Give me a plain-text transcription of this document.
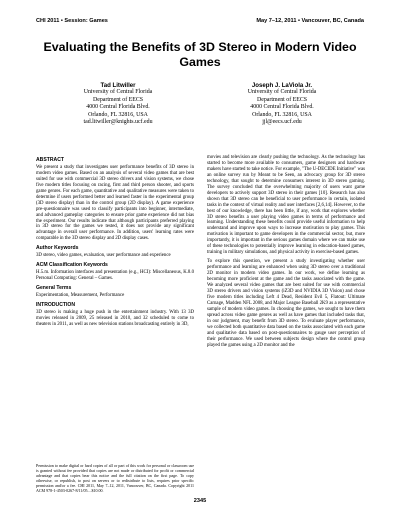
CHI 2011 • Session: Games	May 7–12, 2011 • Vancouver, BC, Canada
Evaluating the Benefits of 3D Stereo in Modern Video Games
Tad Litwiller
University of Central Florida
Department of EECS
4000 Central Florida Blvd.
Orlando, FL 32816, USA
tad.litwiller@knights.ucf.edu
Joseph J. LaViola Jr.
University of Central Florida
Department of EECS
4000 Central Florida Blvd.
Orlando, FL 32816, USA
jjl@eecs.ucf.edu
ABSTRACT

We present a study that investigates user performance benefits of 3D stereo in modern video games. Based on an analysis of several video games that are best suited for use with commercial 3D stereo drivers and vision systems, we chose five modern titles focusing on racing, first and third person shooter, and sports game genres. For each game, quantitative and qualitative measures were taken to determine if users performed better and learned faster in the experimental group (3D stereo display) than in the control group (2D display). A game experience pre-questionnaire was used to classify participants into beginner, intermediate, and advanced gameplay categories to ensure prior game experience did not bias the experiment. Our results indicate that although participants preferred playing in 3D stereo for the games we tested, it does not provide any significant advantage in overall user performance. In addition, users' learning rates were comparable in the 3D stereo display and 2D display cases.

Author Keywords

3D stereo, video games, evaluation, user performance and experience

ACM Classification Keywords

H.5.m. Information interfaces and presentation (e.g., HCI): Miscellaneous, K.8.0 Personal Computing: General – Games.

General Terms

Experimentation, Measurement, Performance

INTRODUCTION

3D stereo is making a huge push in the entertainment industry. With 13 3D movies released in 2009, 25 released in 2010, and 32 scheduled to come to theaters in 2011, as well as new television stations broadcasting entirely in 3D,

Permission to make digital or hard copies of all or part of this work for personal or classroom use is granted without fee provided that copies are not made or distributed for profit or commercial advantage and that copies bear this notice and the full citation on the first page. To copy otherwise, or republish, to post on servers or to redistribute to lists, requires prior specific permission and/or a fee. CHI 2011, May 7–12, 2011, Vancouver, BC, Canada. Copyright 2011 ACM 978-1-4503-0267-8/11/05....$10.00.

movies and television are clearly pushing the technology. As the technology has started to become more available to consumers, game designers and hardware makers have started to take notice. For example, "The U-DECIDE Initiative" was an online survey run by Meant to be Seen, an advocacy group for 3D stereo technology, that sought to determine consumers interest in 3D stereo gaming. The survey concluded that the overwhelming majority of users want game developers to actively support 3D stereo in their games [10]. Research has also shown that 3D stereo can be beneficial to user performance in certain, isolated tasks in the context of virtual reality and user interfaces [2,6,14]. However, to the best of our knowledge, there has been little, if any, work that explores whether 3D stereo benefits a user playing video games in terms of performance and learning. Understanding these benefits could provide useful information to help understand and improve upon ways to increase motivation to play games. This motivation is important to game developers in the commercial sector, but, more importantly, it is important in the serious games domain where we can make use of these technologies to potentially improve learning in education-based games, training in military simulations, and physical activity in exercise-based games.

To explore this question, we present a study investigating whether user performance and learning are enhanced when using 3D stereo over a traditional 2D monitor in modern video games. In our work, we define learning as becoming more proficient at the game and the tasks associated with the game. We analyzed several video games that are best suited for use with commercial 3D stereo drivers and vision systems (iZ3D and NVIDIA 3D Vision) and chose five modern titles including Left 4 Dead, Resident Evil 5, Flatout: Ultimate Carnage, Madden NFL 2008, and Major League Baseball 2K9 as a representative sample of modern video games. In choosing the games, we sought to have them spread across video game genres as well as have games that included tasks that, in our judgment, may benefit from 3D stereo. To evaluate player performance, we collected both quantitative data based on the tasks associated with each game and qualitative data based on post-questionnaires to gauge user perception of their performance. We used between subjects design where the control group played the games using a 2D monitor and the

2345
